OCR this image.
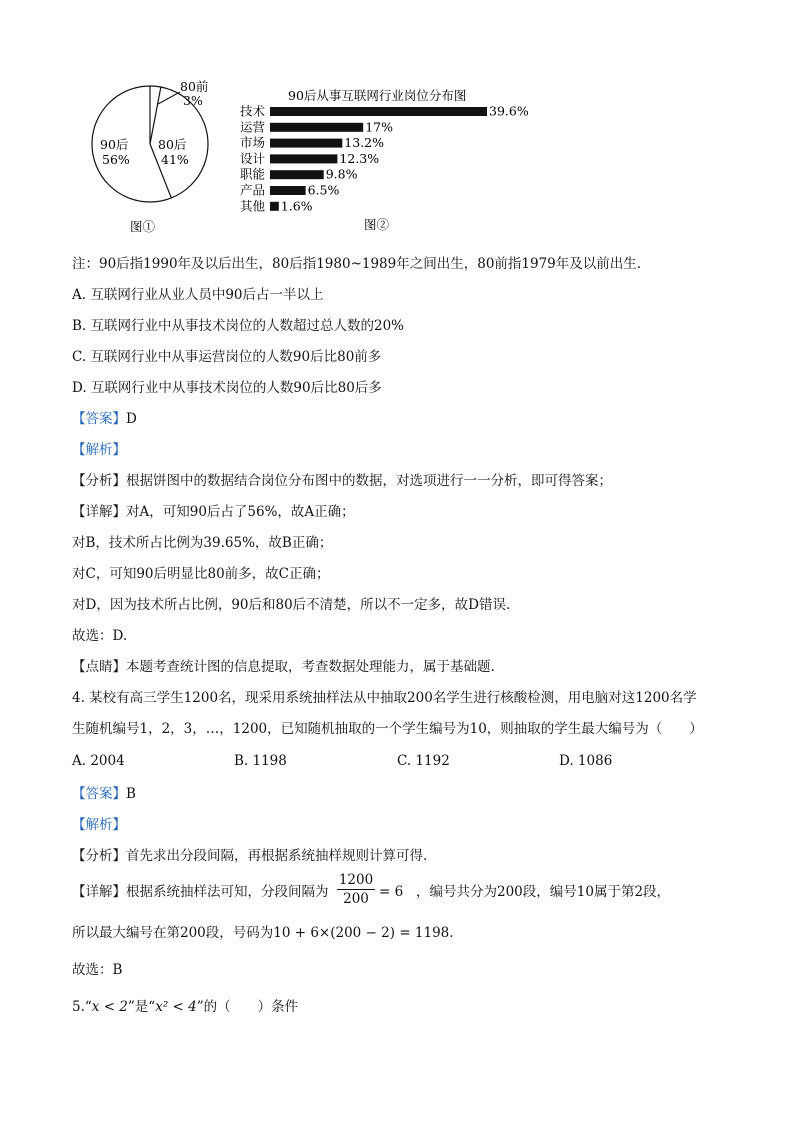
80前
3%
80后
41%
90后
56%
图①
90后从事互联网行业岗位分布图
图②
技术	39.6%
运营	17%
市场	13.2%
设计	12.3%
职能	9.8%
产品	6.5%
其他 1.6%
注：90后指1990年及以后出生，80后指1980~1989年之间出生，80前指1979年及以前出生.
A. 互联网行业从业人员中90后占一半以上
B. 互联网行业中从事技术岗位的人数超过总人数的20%
C. 互联网行业中从事运营岗位的人数90后比80前多
D. 互联网行业中从事技术岗位的人数90后比80后多
【答案】D
【解析】
【分析】根据饼图中的数据结合岗位分布图中的数据，对选项进行一一分析，即可得答案；
【详解】对A，可知90后占了56%，故A正确；
对B，技术所占比例为39.65%，故B正确；
对C，可知90后明显比80前多，故C正确；
对D，因为技术所占比例，90后和80后不清楚，所以不一定多，故D错误.
故选：D.
【点睛】本题考查统计图的信息提取，考查数据处理能力，属于基础题.
4. 某校有高三学生1200名，现采用系统抽样法从中抽取200名学生进行核酸检测，用电脑对这1200名学
生随机编号1，2，3，…，1200，已知随机抽取的一个学生编号为10，则抽取的学生最大编号为（　　）
A. 2004	B. 1198	C. 1192	D. 1086
【答案】B
【解析】
【分析】首先求出分段间隔，再根据系统抽样规则计算可得.
【详解】根据系统抽样法可知，分段间隔为 $\frac{1200}{200} = 6$ ，编号共分为200段，编号10属于第2段，
所以最大编号在第200段，号码为10 + 6×(200 − 2) = 1198.
故选：B
5.“x < 2”是“x² < 4”的（　　）条件
